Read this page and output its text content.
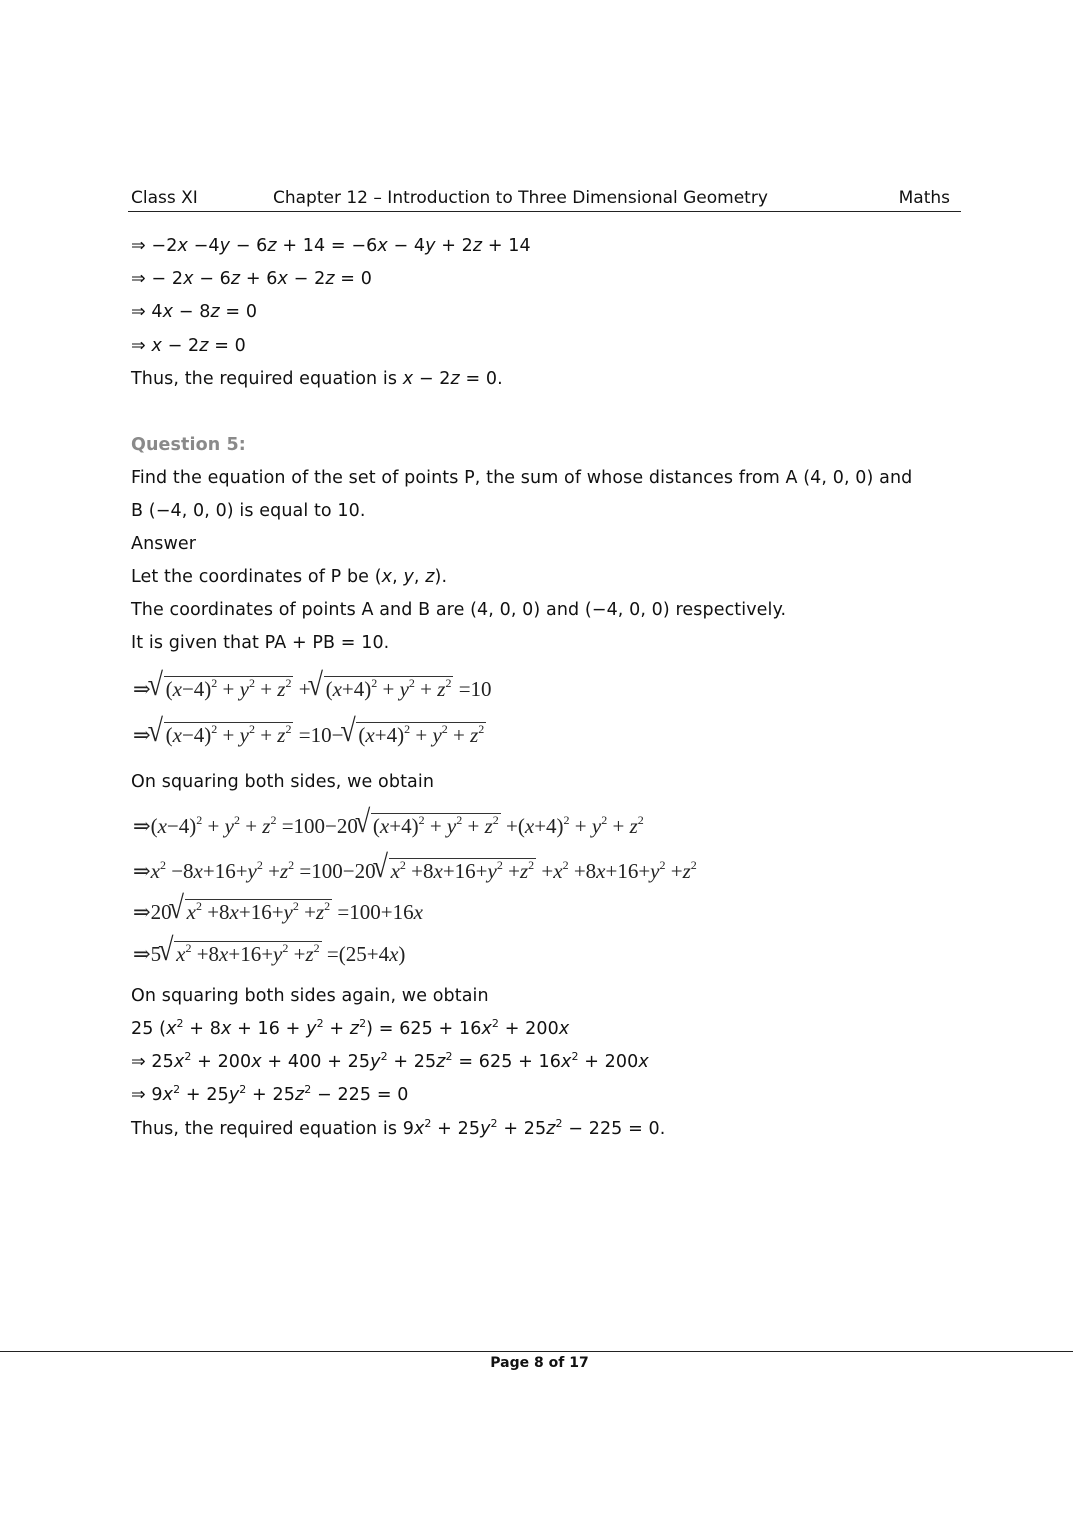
Class XI	Chapter 12 – Introduction to Three Dimensional Geometry	Maths
⇒ −2x −4y − 6z + 14 = −6x − 4y + 2z + 14
⇒ − 2x − 6z + 6x − 2z = 0
⇒ 4x − 8z = 0
⇒ x − 2z = 0
Thus, the required equation is x − 2z = 0.
Question 5:
Find the equation of the set of points P, the sum of whose distances from A (4, 0, 0) and
B (−4, 0, 0) is equal to 10.
Answer
Let the coordinates of P be (x, y, z).
The coordinates of points A and B are (4, 0, 0) and (−4, 0, 0) respectively.
It is given that PA + PB = 10.
⇒ √ $(x-4)^2 + y^2 + z^2$ + √ $(x+4)^2 + y^2 + z^2 =10$
⇒ √ $(x-4)^2 + y^2 + z^2 =10-$ √ $(x+4)^2 + y^2 + z^2$
On squaring both sides, we obtain
$\Rightarrow(x-4)^2 + y^2 + z^2 =100-20$ √ $(x+4)^2 + y^2 + z^2 +(x+4)^2 + y^2 + z^2$
$\Rightarrow x^2 -8x+16+y^2 +z^2 =100-20$ √ $x^2 +8x+16+y^2 +z^2 +x^2 +8x+16+y^2 +z^2$
⇒20 √ $x^2 +8x+16+y^2 +z^2 =100+16x$
⇒5 √ $x^2 +8x+16+y^2 +z^2 =(25+4x)$
On squaring both sides again, we obtain
25 $(x^2 + 8x + 16 + y^2 + z^2) = 625 + 16x^2 + 200x$
⇒ $25x^2 + 200x + 400 + 25y^2 + 25z^2 = 625 + 16x^2 + 200x$
⇒ $9x^2 + 25y^2 + 25z^2 - 225 = 0$
Thus, the required equation is $9x^2 + 25y^2 + 25z^2 - 225 = 0$.
Page 8 of 17
